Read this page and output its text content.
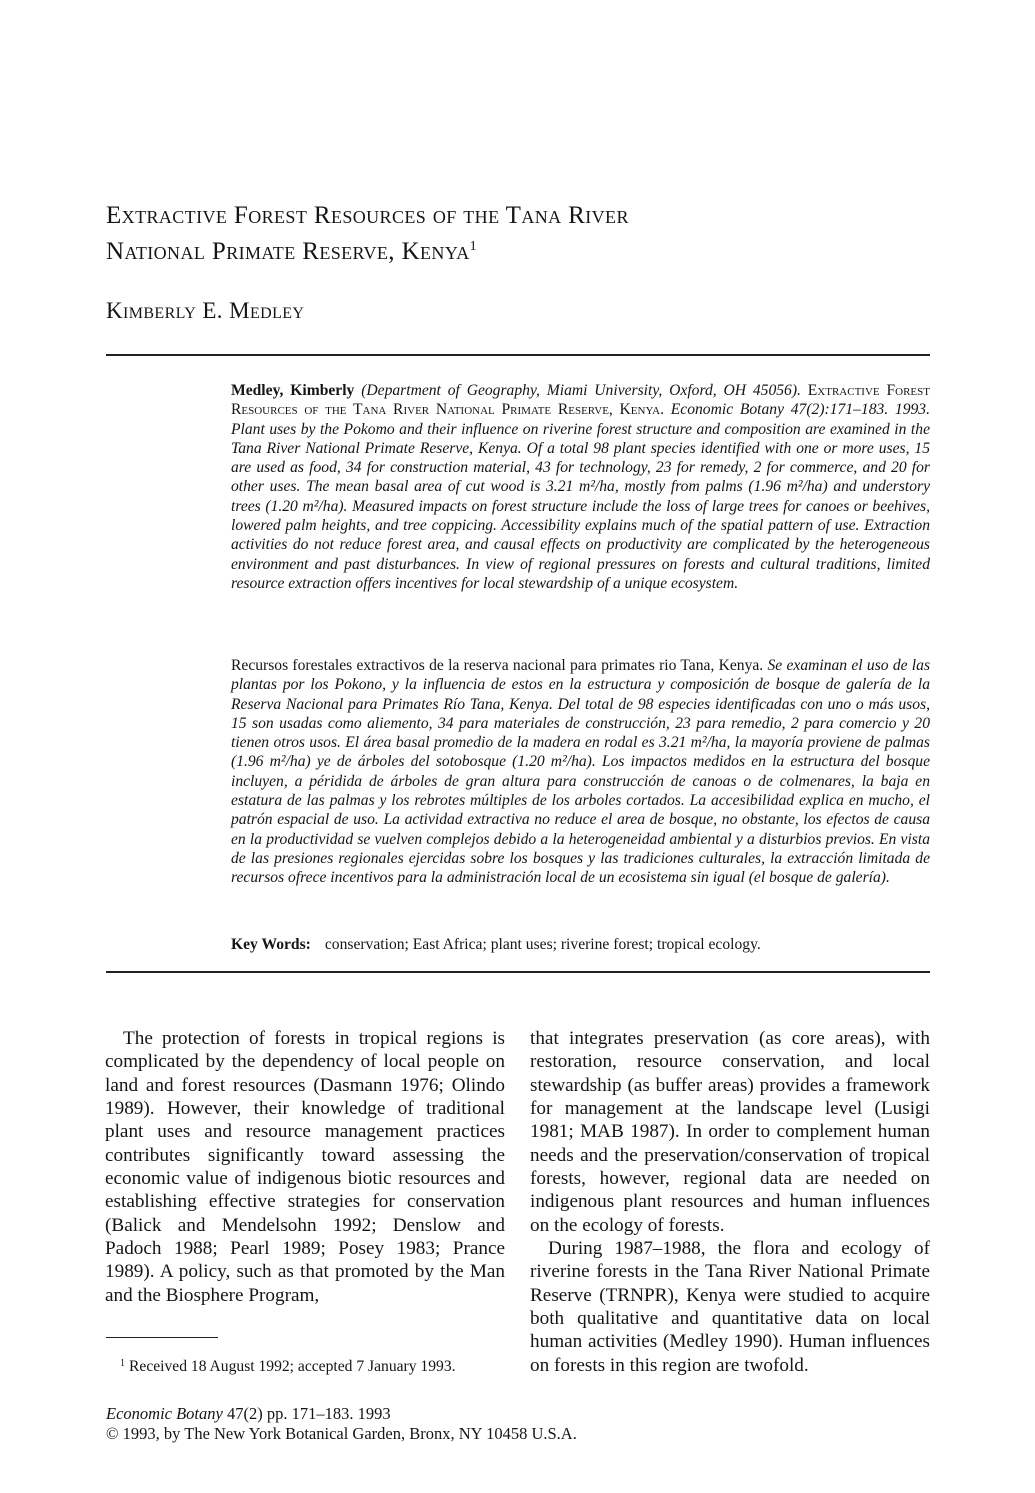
Extractive Forest Resources of the Tana River
National Primate Reserve, Kenya$^1$
Kimberly E. Medley

Medley, Kimberly (Department of Geography, Miami University, Oxford, OH 45056). Extractive Forest Resources of the Tana River National Primate Reserve, Kenya. Economic Botany 47(2):171–183. 1993. Plant uses by the Pokomo and their influence on riverine forest structure and composition are examined in the Tana River National Primate Reserve, Kenya. Of a total 98 plant species identified with one or more uses, 15 are used as food, 34 for construction material, 43 for technology, 23 for remedy, 2 for commerce, and 20 for other uses. The mean basal area of cut wood is 3.21 m²/ha, mostly from palms (1.96 m²/ha) and understory trees (1.20 m²/ha). Measured impacts on forest structure include the loss of large trees for canoes or beehives, lowered palm heights, and tree coppicing. Accessibility explains much of the spatial pattern of use. Extraction activities do not reduce forest area, and causal effects on productivity are complicated by the heterogeneous environment and past disturbances. In view of regional pressures on forests and cultural traditions, limited resource extraction offers incentives for local stewardship of a unique ecosystem.

Recursos forestales extractivos de la reserva nacional para primates rio Tana, Kenya. Se examinan el uso de las plantas por los Pokono, y la influencia de estos en la estructura y composición de bosque de galería de la Reserva Nacional para Primates Río Tana, Kenya. Del total de 98 especies identificadas con uno o más usos, 15 son usadas como aliemento, 34 para materiales de construcción, 23 para remedio, 2 para comercio y 20 tienen otros usos. El área basal promedio de la madera en rodal es 3.21 m²/ha, la mayoría proviene de palmas (1.96 m²/ha) ye de árboles del sotobosque (1.20 m²/ha). Los impactos medidos en la estructura del bosque incluyen, a péridida de árboles de gran altura para construcción de canoas o de colmenares, la baja en estatura de las palmas y los rebrotes múltiples de los arboles cortados. La accesibilidad explica en mucho, el patrón espacial de uso. La actividad extractiva no reduce el area de bosque, no obstante, los efectos de causa en la productividad se vuelven complejos debido a la heterogeneidad ambiental y a disturbios previos. En vista de las presiones regionales ejercidas sobre los bosques y las tradiciones culturales, la extracción limitada de recursos ofrece incentivos para la administración local de un ecosistema sin igual (el bosque de galería).

Key Words: conservation; East Africa; plant uses; riverine forest; tropical ecology.

The protection of forests in tropical regions is complicated by the dependency of local people on land and forest resources (Dasmann 1976; Olindo 1989). However, their knowledge of traditional plant uses and resource management practices contributes significantly toward assessing the economic value of indigenous biotic resources and establishing effective strategies for conservation (Balick and Mendelsohn 1992; Denslow and Padoch 1988; Pearl 1989; Posey 1983; Prance 1989). A policy, such as that promoted by the Man and the Biosphere Program,

that integrates preservation (as core areas), with restoration, resource conservation, and local stewardship (as buffer areas) provides a framework for management at the landscape level (Lusigi 1981; MAB 1987). In order to complement human needs and the preservation/conservation of tropical forests, however, regional data are needed on indigenous plant resources and human influences on the ecology of forests.

During 1987–1988, the flora and ecology of riverine forests in the Tana River National Primate Reserve (TRNPR), Kenya were studied to acquire both qualitative and quantitative data on local human activities (Medley 1990). Human influences on forests in this region are twofold.

$^1$ Received 18 August 1992; accepted 7 January 1993.
Economic Botany 47(2) pp. 171–183. 1993
© 1993, by The New York Botanical Garden, Bronx, NY 10458 U.S.A.
